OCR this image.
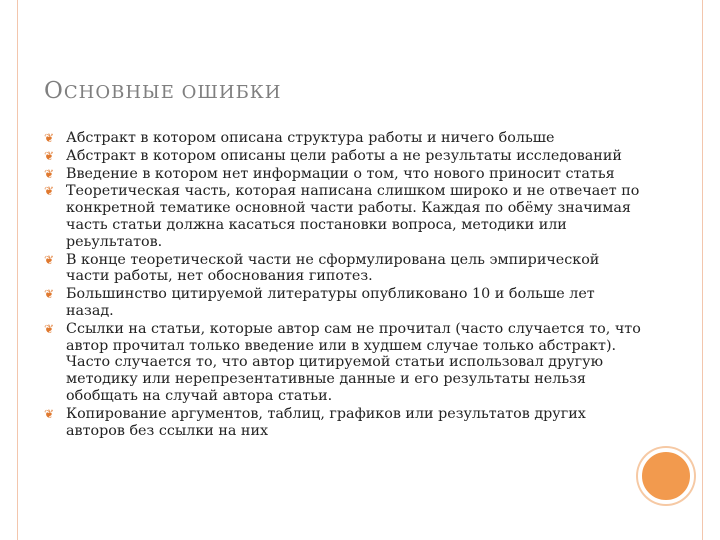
ОСНОВНЫЕ ОШИБКИ
❦ Абстракт в котором описана структура работы и ничего больше
❦ Абстракт в котором описаны цели работы а не результаты исследований
❦ Введение в котором нет информации о том, что нового приносит статья
❦ Теоретическая часть, которая написана слишком широко и не отвечает по конкретной тематике основной части работы. Каждая по обёму значимая часть статьи должна касаться постановки вопроса, методики или реьультатов.
❦ В конце теоретической части не сформулирована цель эмпирической части работы, нет обоснования гипотез.
❦ Большинство цитируемой литературы опубликовано 10 и больше лет назад.
❦ Ссылки на статьи, которые автор сам не прочитал (часто случается то, что автор прочитал только введение или в худшем случае только абстракт). Часто случается то, что автор цитируемой статьи использовал другую методику или нерепрезентативные данные и его результаты нельзя обобщать на случай автора статьи.
❦ Копирование аргументов, таблиц, графиков или результатов других авторов без ссылки на них
